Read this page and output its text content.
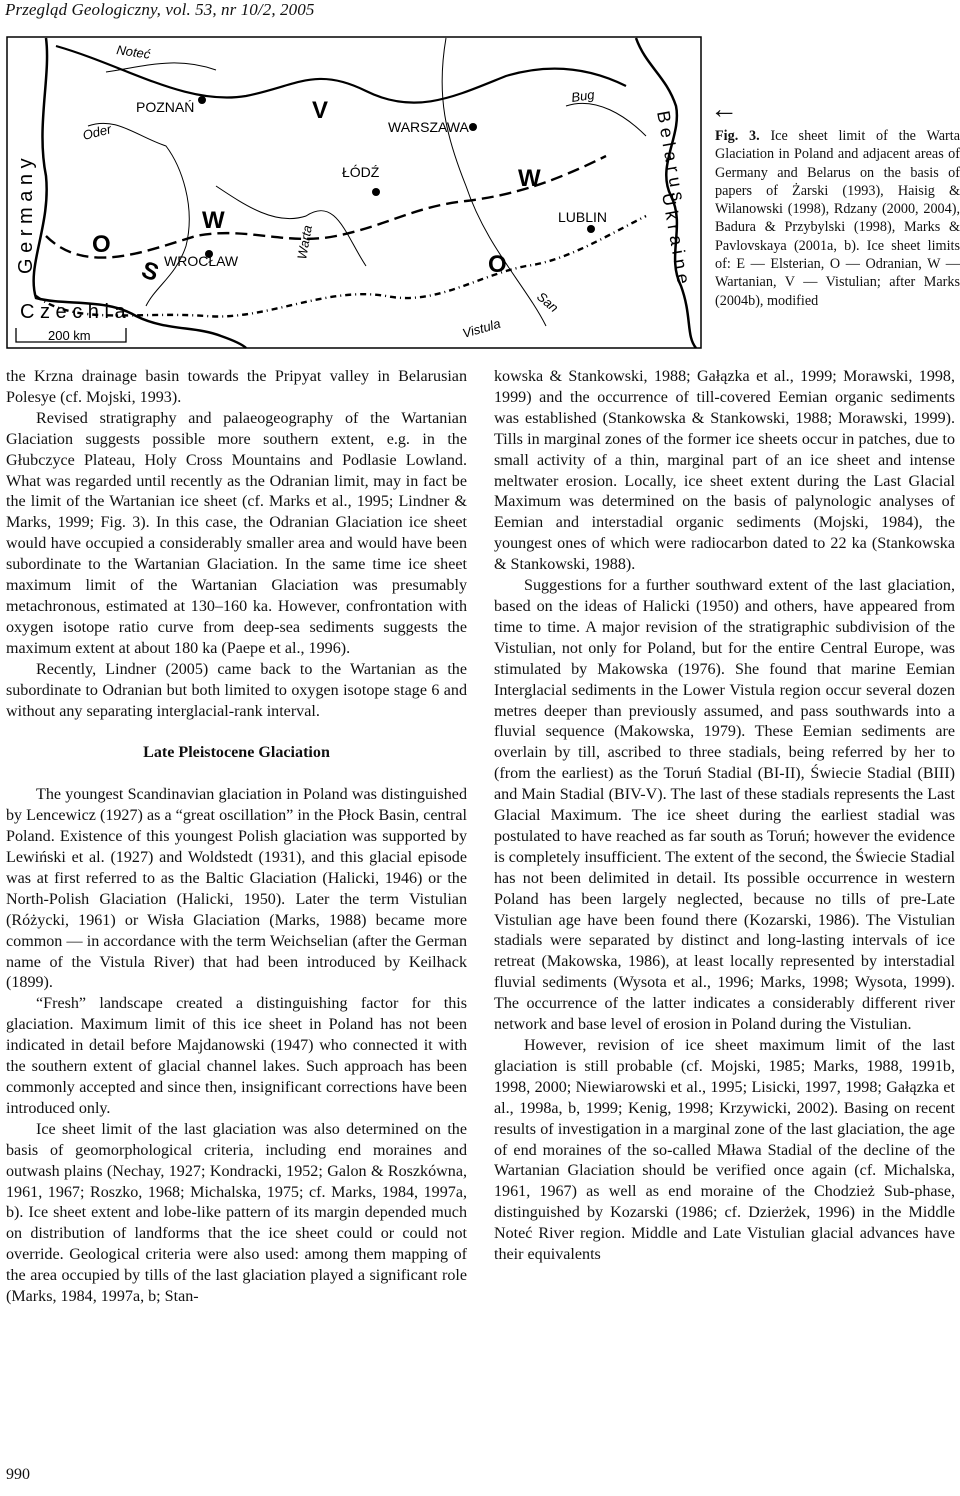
Przegląd Geologiczny, vol. 53, nr 10/2, 2005
G e r m a n y
C z e c h i a
B e l a r u s
U k r a i n e
POZNAŃ
WARSZAWA
ŁÓDŹ
WROCŁAW
LUBLIN
Noteć
Oder
Warta
Vistula
Bug
San
V
W
W
O
O
S
200 km
←
Fig. 3. Ice sheet limit of the Warta Glaciation in Poland and adjacent areas of Germany and Belarus on the basis of papers of Żarski (1993), Haisig & Wilanowski (1998), Rdzany (2000, 2004), Badura & Przybylski (1998), Marks & Pavlovskaya (2001a, b). Ice sheet limits of: E — Elsterian, O — Odranian, W — Wartanian, V — Vistulian; after Marks (2004b), modified

the Krzna drainage basin towards the Pripyat valley in Belarusian Polesye (cf. Mojski, 1993).

Revised stratigraphy and palaeogeography of the Wartanian Glaciation suggests possible more southern extent, e.g. in the Głubczyce Plateau, Holy Cross Mountains and Podlasie Lowland. What was regarded until recently as the Odranian limit, may in fact be the limit of the Wartanian ice sheet (cf. Marks et al., 1995; Lindner & Marks, 1999; Fig. 3). In this case, the Odranian Glaciation ice sheet would have occupied a considerably smaller area and would have been subordinate to the Wartanian Glaciation. In the same time ice sheet maximum limit of the Wartanian Glaciation was presumably metachronous, estimated at 130–160 ka. However, confrontation with oxygen isotope ratio curve from deep-sea sediments suggests the maximum extent at about 180 ka (Paepe et al., 1996).

Recently, Lindner (2005) came back to the Wartanian as the subordinate to Odranian but both limited to oxygen isotope stage 6 and without any separating interglacial-rank interval.

Late Pleistocene Glaciation

The youngest Scandinavian glaciation in Poland was distinguished by Lencewicz (1927) as a “great oscillation” in the Płock Basin, central Poland. Existence of this youngest Polish glaciation was supported by Lewiński et al. (1927) and Woldstedt (1931), and this glacial episode was at first referred to as the Baltic Glaciation (Halicki, 1946) or the North-Polish Glaciation (Halicki, 1950). Later the term Vistulian (Różycki, 1961) or Wisła Glaciation (Marks, 1988) became more common — in accordance with the term Weichselian (after the German name of the Vistula River) that had been introduced by Keilhack (1899).

“Fresh” landscape created a distinguishing factor for this glaciation. Maximum limit of this ice sheet in Poland has not been indicated in detail before Majdanowski (1947) who connected it with the southern extent of glacial channel lakes. Such approach has been commonly accepted and since then, insignificant corrections have been introduced only.

Ice sheet limit of the last glaciation was also determined on the basis of geomorphological criteria, including end moraines and outwash plains (Nechay, 1927; Kondracki, 1952; Galon & Roszkówna, 1961, 1967; Roszko, 1968; Michalska, 1975; cf. Marks, 1984, 1997a, b). Ice sheet extent and lobe-like pattern of its margin depended much on distribution of landforms that the ice sheet could or could not override. Geological criteria were also used: among them mapping of the area occupied by tills of the last glaciation played a significant role (Marks, 1984, 1997a, b; Stan-

kowska & Stankowski, 1988; Gałązka et al., 1999; Morawski, 1998, 1999) and the occurrence of till-covered Eemian organic sediments was established (Stankowska & Stankowski, 1988; Morawski, 1999). Tills in marginal zones of the former ice sheets occur in patches, due to small activity of a thin, marginal part of an ice sheet and intense meltwater erosion. Locally, ice sheet extent during the Last Glacial Maximum was determined on the basis of palynologic analyses of Eemian and interstadial organic sediments (Mojski, 1984), the youngest ones of which were radiocarbon dated to 22 ka (Stankowska & Stankowski, 1988).

Suggestions for a further southward extent of the last glaciation, based on the ideas of Halicki (1950) and others, have appeared from time to time. A major revision of the stratigraphic subdivision of the Vistulian, not only for Poland, but for the entire Central Europe, was stimulated by Makowska (1976). She found that marine Eemian Interglacial sediments in the Lower Vistula region occur several dozen metres deeper than previously assumed, and pass southwards into a fluvial sequence (Makowska, 1979). These Eemian sediments are overlain by till, ascribed to three stadials, being referred by her to (from the earliest) as the Toruń Stadial (BI-II), Świecie Stadial (BIII) and Main Stadial (BIV-V). The last of these stadials represents the Last Glacial Maximum. The ice sheet during the earliest stadial was postulated to have reached as far south as Toruń; however the evidence is completely insufficient. The extent of the second, the Świecie Stadial has not been delimited in detail. Its possible occurrence in western Poland has been largely neglected, because no tills of pre-Late Vistulian age have been found there (Kozarski, 1986). The Vistulian stadials were separated by distinct and long-lasting intervals of ice retreat (Makowska, 1986), at least locally represented by interstadial fluvial sediments (Wysota et al., 1996; Marks, 1998; Wysota, 1999). The occurrence of the latter indicates a considerably different river network and base level of erosion in Poland during the Vistulian.

However, revision of ice sheet maximum limit of the last glaciation is still probable (cf. Mojski, 1985; Marks, 1988, 1991b, 1998, 2000; Niewiarowski et al., 1995; Lisicki, 1997, 1998; Gałązka et al., 1998a, b, 1999; Kenig, 1998; Krzywicki, 2002). Basing on recent results of investigation in a marginal zone of the last glaciation, the age of end moraines of the so-called Mława Stadial of the decline of the Wartanian Glaciation should be verified once again (cf. Michalska, 1961, 1967) as well as end moraine of the Chodzież Sub-phase, distinguished by Kozarski (1986; cf. Dzierżek, 1996) in the Middle Noteć River region. Middle and Late Vistulian glacial advances have their equivalents

990
